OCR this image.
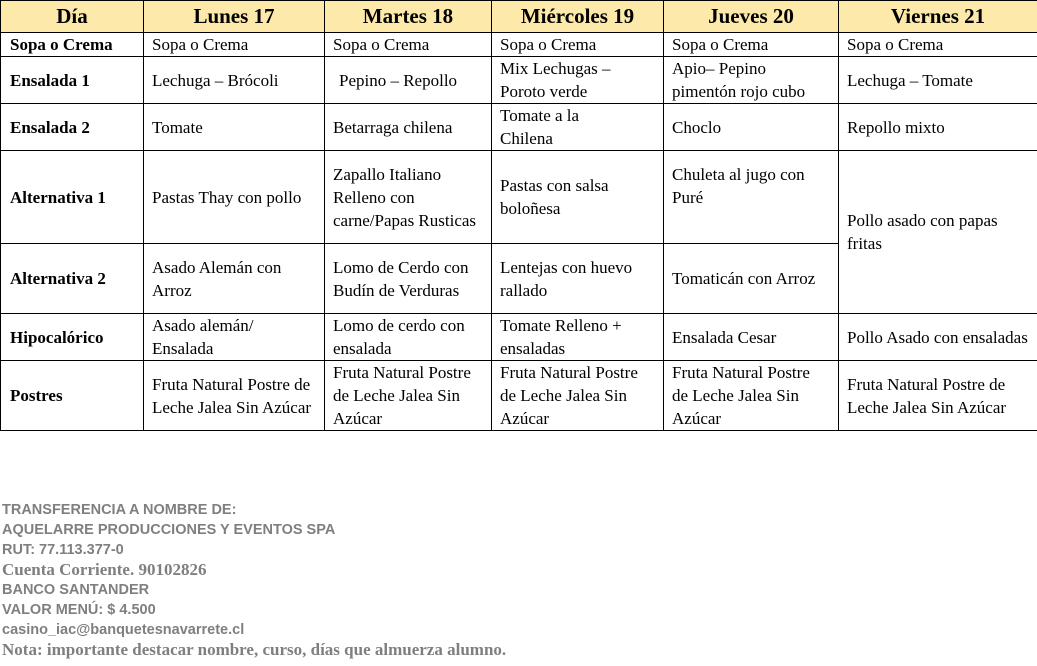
Día	Lunes 17	Martes 18	Miércoles 19	Jueves 20	Viernes 21
Sopa o Crema	Sopa o Crema	Sopa o Crema	Sopa o Crema	Sopa o Crema	Sopa o Crema
Ensalada 1	Lechuga – Brócoli	Pepino – Repollo	Mix Lechugas – Poroto verde	Apio– Pepino pimentón rojo cubo	Lechuga – Tomate
Ensalada 2	Tomate	Betarraga chilena	Tomate a la Chilena	Choclo	Repollo mixto
Alternativa 1	Pastas Thay con pollo	Zapallo Italiano Relleno con carne/Papas Rusticas	Pastas con salsa boloñesa	Chuleta al jugo con Puré	Pollo asado con papas fritas
Alternativa 2	Asado Alemán con Arroz	Lomo de Cerdo con Budín de Verduras	Lentejas con huevo rallado	Tomaticán con Arroz	
Hipocalórico	Asado alemán/ Ensalada	Lomo de cerdo con ensalada	Tomate Relleno + ensaladas	Ensalada Cesar	Pollo Asado con ensaladas
Postres	Fruta Natural Postre de Leche Jalea Sin Azúcar	Fruta Natural Postre de Leche Jalea Sin Azúcar	Fruta Natural Postre de Leche Jalea Sin Azúcar	Fruta Natural Postre de Leche Jalea Sin Azúcar	Fruta Natural Postre de Leche Jalea Sin Azúcar
TRANSFERENCIA A NOMBRE DE:
AQUELARRE PRODUCCIONES Y EVENTOS SPA
RUT: 77.113.377-0
Cuenta Corriente. 90102826
BANCO SANTANDER
VALOR MENÚ: $ 4.500
casino_iac@banquetesnavarrete.cl
Nota: importante destacar nombre, curso, días que almuerza alumno.
